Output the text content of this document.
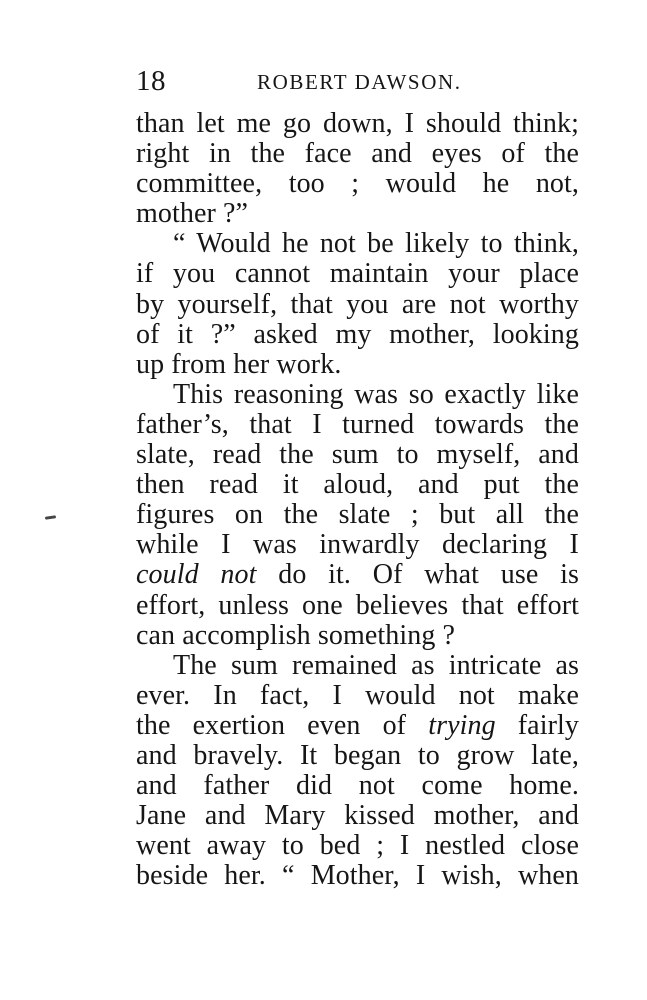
18	ROBERT DAWSON.
than let me go down, I should think;
right in the face and eyes of the
committee, too ; would he not,
mother ?”
“ Would he not be likely to think,
if you cannot maintain your place
by yourself, that you are not worthy
of it ?” asked my mother, looking
up from her work.
This reasoning was so exactly like
father’s, that I turned towards the
slate, read the sum to myself, and
then read it aloud, and put the
figures on the slate ; but all the
while I was inwardly declaring I
could not do it. Of what use is
effort, unless one believes that effort
can accomplish something ?
The sum remained as intricate as
ever. In fact, I would not make
the exertion even of trying fairly
and bravely. It began to grow late,
and father did not come home.
Jane and Mary kissed mother, and
went away to bed ; I nestled close
beside her. “ Mother, I wish, when
